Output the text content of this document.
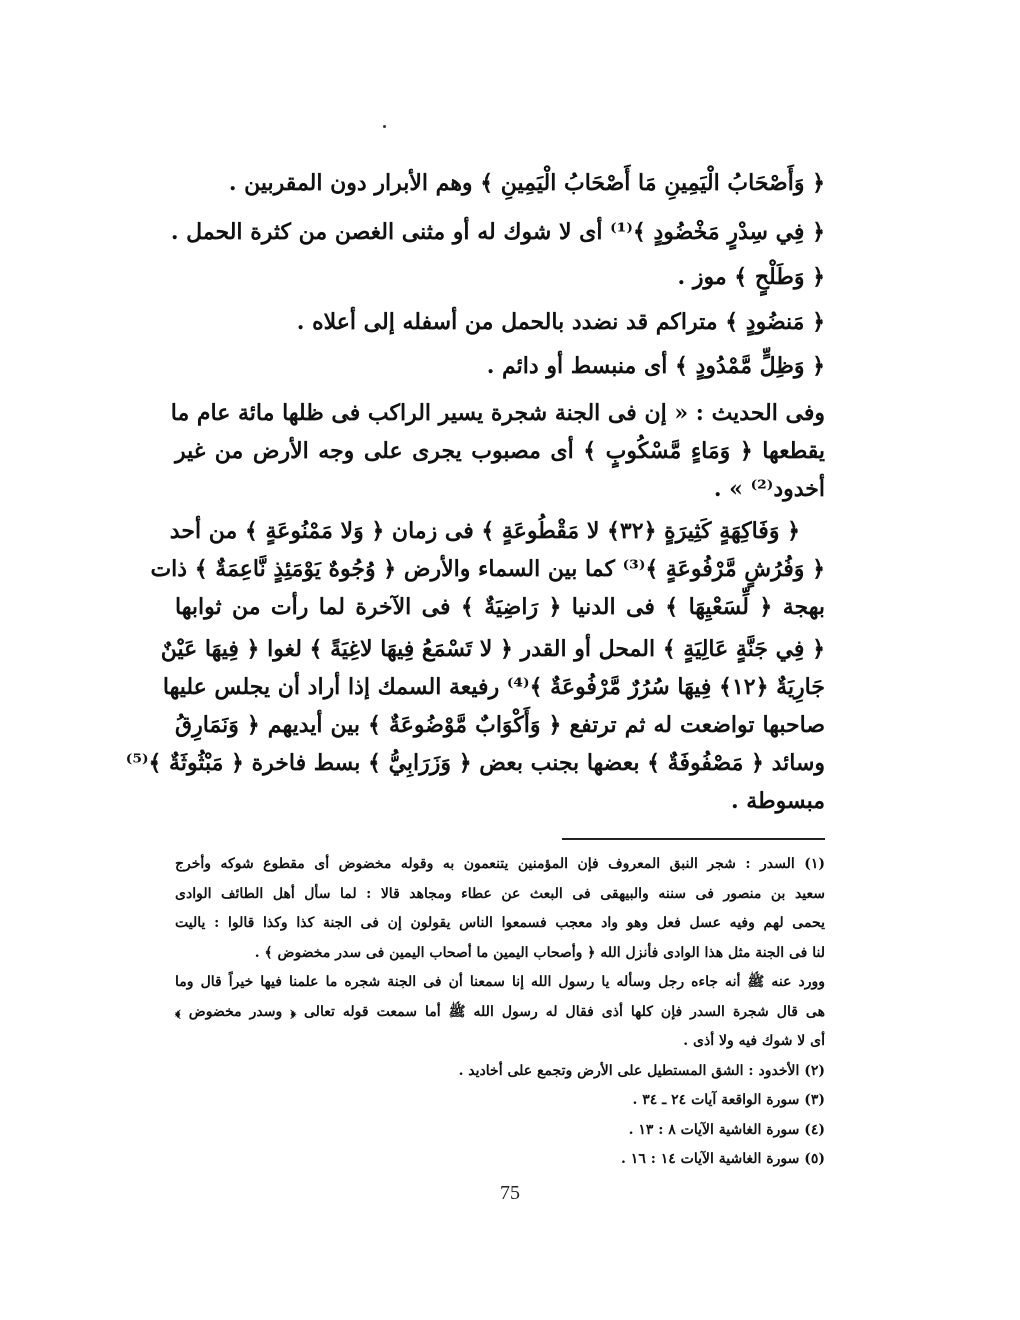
﴿ وَأَصْحَابُ الْيَمِينِ مَا أَصْحَابُ الْيَمِينِ ﴾ وهم الأبرار دون المقربين .

﴿ فِي سِدْرٍ مَخْضُودٍ ﴾⁽¹⁾ أى لا شوك له أو مثنى الغصن من كثرة الحمل .

﴿ وَطَلْحٍ ﴾ موز .

﴿ مَنضُودٍ ﴾ متراكم قد نضدد بالحمل من أسفله إلى أعلاه .

﴿ وَظِلٍّ مَّمْدُودٍ ﴾ أى منبسط أو دائم .

وفى الحديث : « إن فى الجنة شجرة يسير الراكب فى ظلها مائة عام ما

يقطعها ﴿ وَمَاءٍ مَّسْكُوبٍ ﴾ أى مصبوب يجرى على وجه الأرض من غير

أخدود⁽²⁾ » .

﴿ وَفَاكِهَةٍ كَثِيرَةٍ ﴿٣٢﴾ لا مَقْطُوعَةٍ ﴾ فى زمان ﴿ وَلا مَمْنُوعَةٍ ﴾ من أحد

﴿ وَفُرُشٍ مَّرْفُوعَةٍ ﴾⁽³⁾ كما بين السماء والأرض ﴿ وُجُوهٌ يَوْمَئِذٍ نَّاعِمَةٌ ﴾ ذات

بهجة ﴿ لِّسَعْيِهَا ﴾ فى الدنيا ﴿ رَاضِيَةٌ ﴾ فى الآخرة لما رأت من ثوابها

﴿ فِي جَنَّةٍ عَالِيَةٍ ﴾ المحل أو القدر ﴿ لا تَسْمَعُ فِيهَا لاغِيَةً ﴾ لغوا ﴿ فِيهَا عَيْنٌ

جَارِيَةٌ ﴿١٢﴾ فِيهَا سُرُرٌ مَّرْفُوعَةٌ ﴾⁽⁴⁾ رفيعة السمك إذا أراد أن يجلس عليها

صاحبها تواضعت له ثم ترتفع ﴿ وَأَكْوَابٌ مَّوْضُوعَةٌ ﴾ بين أيديهم ﴿ وَنَمَارِقُ

وسائد ﴿ مَصْفُوفَةٌ ﴾ بعضها بجنب بعض ﴿ وَزَرَابِيُّ ﴾ بسط فاخرة ﴿ مَبْثُوثَةٌ ﴾⁽⁵⁾

مبسوطة .

(١) السدر : شجر النبق المعروف فإن المؤمنين يتنعمون به وقوله مخضوض أى مقطوع شوكه وأخرج

سعيد بن منصور فى سننه والبيهقى فى البعث عن عطاء ومجاهد قالا : لما سأل أهل الطائف الوادى

يحمى لهم وفيه عسل فعل وهو واد معجب فسمعوا الناس يقولون إن فى الجنة كذا وكذا قالوا : ياليت

لنا فى الجنة مثل هذا الوادى فأنزل الله ﴿ وأصحاب اليمين ما أصحاب اليمين فى سدر مخضوض ﴾ .

وورد عنه ﷺ أنه جاءه رجل وسأله يا رسول الله إنا سمعنا أن فى الجنة شجره ما علمنا فيها خيراً قال وما

هى قال شجرة السدر فإن كلها أذى فقال له رسول الله ﷺ أما سمعت قوله تعالى ﴿ وسدر مخضوض ﴾

أى لا شوك فيه ولا أذى .

(٢) الأخدود : الشق المستطيل على الأرض وتجمع على أخاديد .

(٣) سورة الواقعة آيات ٢٤ ـ ٣٤ .

(٤) سورة الغاشية الآيات ٨ : ١٣ .

(٥) سورة الغاشية الآيات ١٤ : ١٦ .

75
